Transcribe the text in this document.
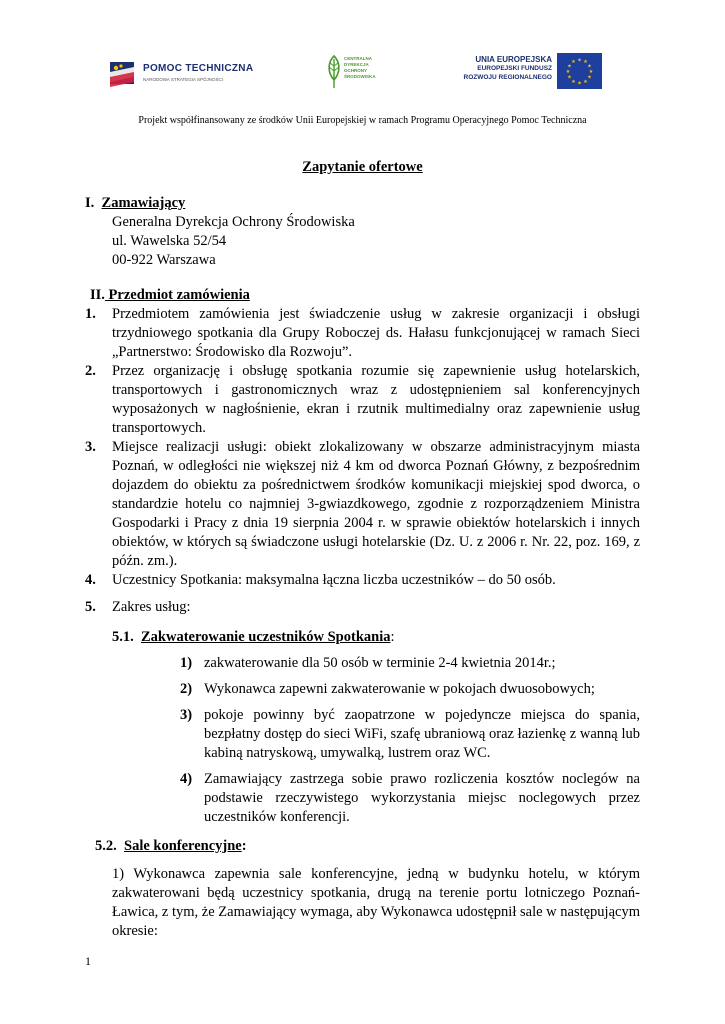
POMOC TECHNICZNA
NARODOWA STRATEGIA SPÓJNOŚCI
CENTRALNA
DYREKCJA
OCHRONY
ŚRODOWISKA
UNIA EUROPEJSKA
EUROPEJSKI FUNDUSZ
ROZWOJU REGIONALNEGO
★ ★
★
★
★
★
★
★
★
★
★
★
Projekt współfinansowany ze środków Unii Europejskiej w ramach Programu Operacyjnego Pomoc Techniczna
Zapytanie ofertowe
I. Zamawiający
Generalna Dyrekcja Ochrony Środowiska
ul. Wawelska 52/54
00-922 Warszawa
II. Przedmiot zamówienia
1. Przedmiotem zamówienia jest świadczenie usług w zakresie organizacji i obsługi trzydniowego spotkania dla Grupy Roboczej ds. Hałasu funkcjonującej w ramach Sieci „Partnerstwo: Środowisko dla Rozwoju”.
2. Przez organizację i obsługę spotkania rozumie się zapewnienie usług hotelarskich, transportowych i gastronomicznych wraz z udostępnieniem sal konferencyjnych wyposażonych w nagłośnienie, ekran i rzutnik multimedialny oraz zapewnienie usług transportowych.
3. Miejsce realizacji usługi: obiekt zlokalizowany w obszarze administracyjnym miasta Poznań, w odległości nie większej niż 4 km od dworca Poznań Główny, z bezpośrednim dojazdem do obiektu za pośrednictwem środków komunikacji miejskiej spod dworca, o standardzie hotelu co najmniej 3-gwiazdkowego, zgodnie z rozporządzeniem Ministra Gospodarki i Pracy z dnia 19 sierpnia 2004 r. w sprawie obiektów hotelarskich i innych obiektów, w których są świadczone usługi hotelarskie (Dz. U. z 2006 r. Nr. 22, poz. 169, z późn. zm.).
4. Uczestnicy Spotkania: maksymalna łączna liczba uczestników – do 50 osób.
5. Zakres usług:
5.1. Zakwaterowanie uczestników Spotkania:
1) zakwaterowanie dla 50 osób w terminie 2-4 kwietnia 2014r.;
2) Wykonawca zapewni zakwaterowanie w pokojach dwuosobowych;
3) pokoje powinny być zaopatrzone w pojedyncze miejsca do spania, bezpłatny dostęp do sieci WiFi, szafę ubraniową oraz łazienkę z wanną lub kabiną natryskową, umywalką, lustrem oraz WC.
4) Zamawiający zastrzega sobie prawo rozliczenia kosztów noclegów na podstawie rzeczywistego wykorzystania miejsc noclegowych przez uczestników konferencji.
5.2. Sale konferencyjne:
1) Wykonawca zapewnia sale konferencyjne, jedną w budynku hotelu, w którym zakwaterowani będą uczestnicy spotkania, drugą na terenie portu lotniczego Poznań-Ławica, z tym, że Zamawiający wymaga, aby Wykonawca udostępnił sale w następującym okresie:
1
